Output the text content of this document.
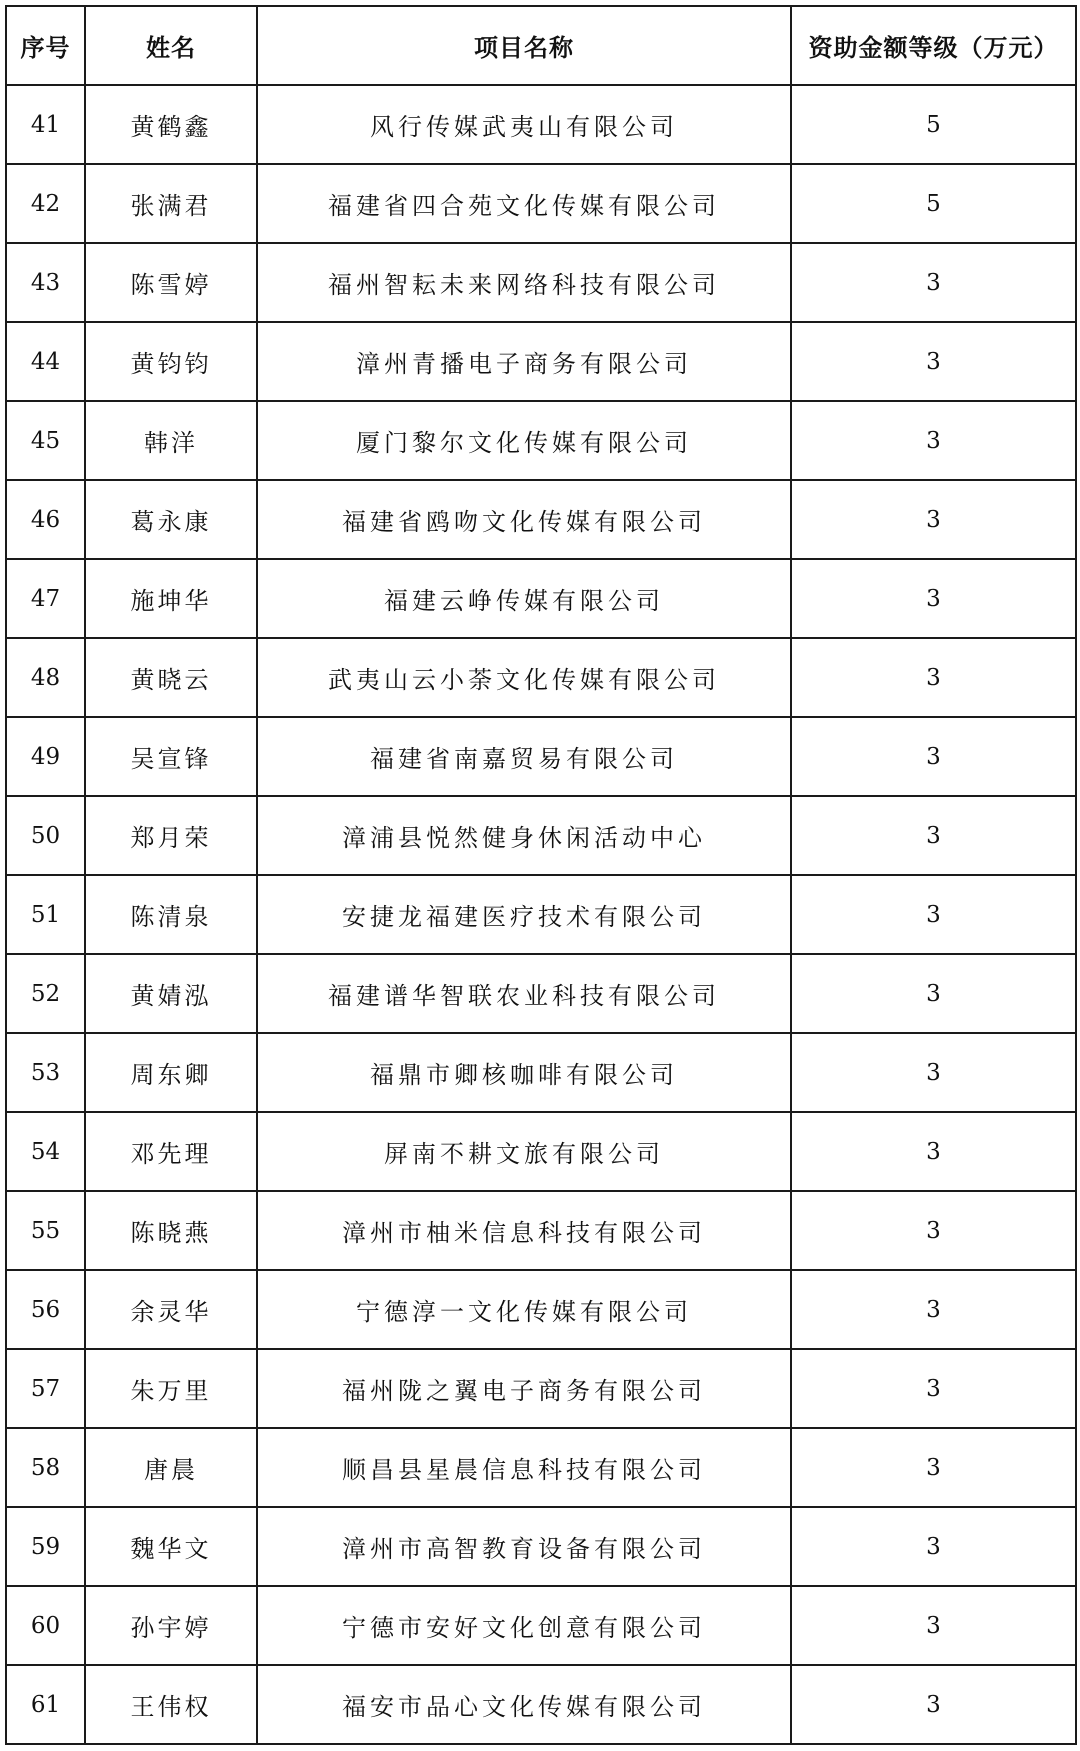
序号	姓名	项目名称	资助金额等级（万元）
41	黄鹤鑫	风行传媒武夷山有限公司	5
42	张满君	福建省四合苑文化传媒有限公司	5
43	陈雪婷	福州智耘未来网络科技有限公司	3
44	黄钧钧	漳州青播电子商务有限公司	3
45	韩洋	厦门黎尔文化传媒有限公司	3
46	葛永康	福建省鸥吻文化传媒有限公司	3
47	施坤华	福建云峥传媒有限公司	3
48	黄晓云	武夷山云小荼文化传媒有限公司	3
49	吴宣锋	福建省南嘉贸易有限公司	3
50	郑月荣	漳浦县悦然健身休闲活动中心	3
51	陈清泉	安捷龙福建医疗技术有限公司	3
52	黄婧泓	福建谱华智联农业科技有限公司	3
53	周东卿	福鼎市卿核咖啡有限公司	3
54	邓先理	屏南不耕文旅有限公司	3
55	陈晓燕	漳州市柚米信息科技有限公司	3
56	余灵华	宁德淳一文化传媒有限公司	3
57	朱万里	福州陇之翼电子商务有限公司	3
58	唐晨	顺昌县星晨信息科技有限公司	3
59	魏华文	漳州市高智教育设备有限公司	3
60	孙宇婷	宁德市安好文化创意有限公司	3
61	王伟权	福安市品心文化传媒有限公司	3
